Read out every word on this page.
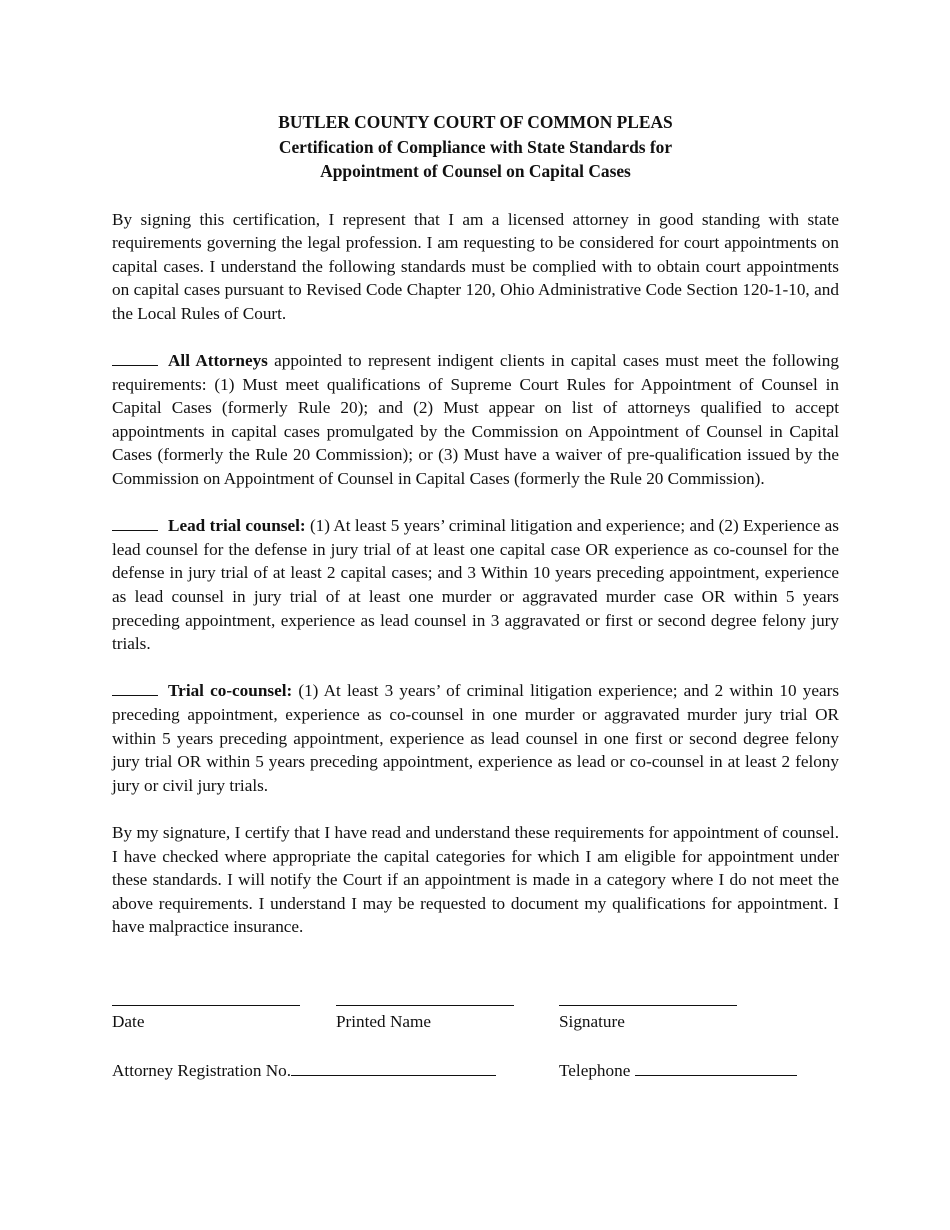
BUTLER COUNTY COURT OF COMMON PLEAS
Certification of Compliance with State Standards for
Appointment of Counsel on Capital Cases

By signing this certification, I represent that I am a licensed attorney in good standing with state requirements governing the legal profession. I am requesting to be considered for court appointments on capital cases. I understand the following standards must be complied with to obtain court appointments on capital cases pursuant to Revised Code Chapter 120, Ohio Administrative Code Section 120-1-10, and the Local Rules of Court.

All Attorneys appointed to represent indigent clients in capital cases must meet the following requirements: (1) Must meet qualifications of Supreme Court Rules for Appointment of Counsel in Capital Cases (formerly Rule 20); and (2) Must appear on list of attorneys qualified to accept appointments in capital cases promulgated by the Commission on Appointment of Counsel in Capital Cases (formerly the Rule 20 Commission); or (3) Must have a waiver of pre-qualification issued by the Commission on Appointment of Counsel in Capital Cases (formerly the Rule 20 Commission).

Lead trial counsel: (1) At least 5 years’ criminal litigation and experience; and (2) Experience as lead counsel for the defense in jury trial of at least one capital case OR experience as co-counsel for the defense in jury trial of at least 2 capital cases; and 3 Within 10 years preceding appointment, experience as lead counsel in jury trial of at least one murder or aggravated murder case OR within 5 years preceding appointment, experience as lead counsel in 3 aggravated or first or second degree felony jury trials.

Trial co-counsel: (1) At least 3 years’ of criminal litigation experience; and 2 within 10 years preceding appointment, experience as co-counsel in one murder or aggravated murder jury trial OR within 5 years preceding appointment, experience as lead counsel in one first or second degree felony jury trial OR within 5 years preceding appointment, experience as lead or co-counsel in at least 2 felony jury or civil jury trials.

By my signature, I certify that I have read and understand these requirements for appointment of counsel. I have checked where appropriate the capital categories for which I am eligible for appointment under these standards. I will notify the Court if an appointment is made in a category where I do not meet the above requirements. I understand I may be requested to document my qualifications for appointment. I have malpractice insurance.

Date	Printed Name	Signature
Attorney Registration No.	Telephone
